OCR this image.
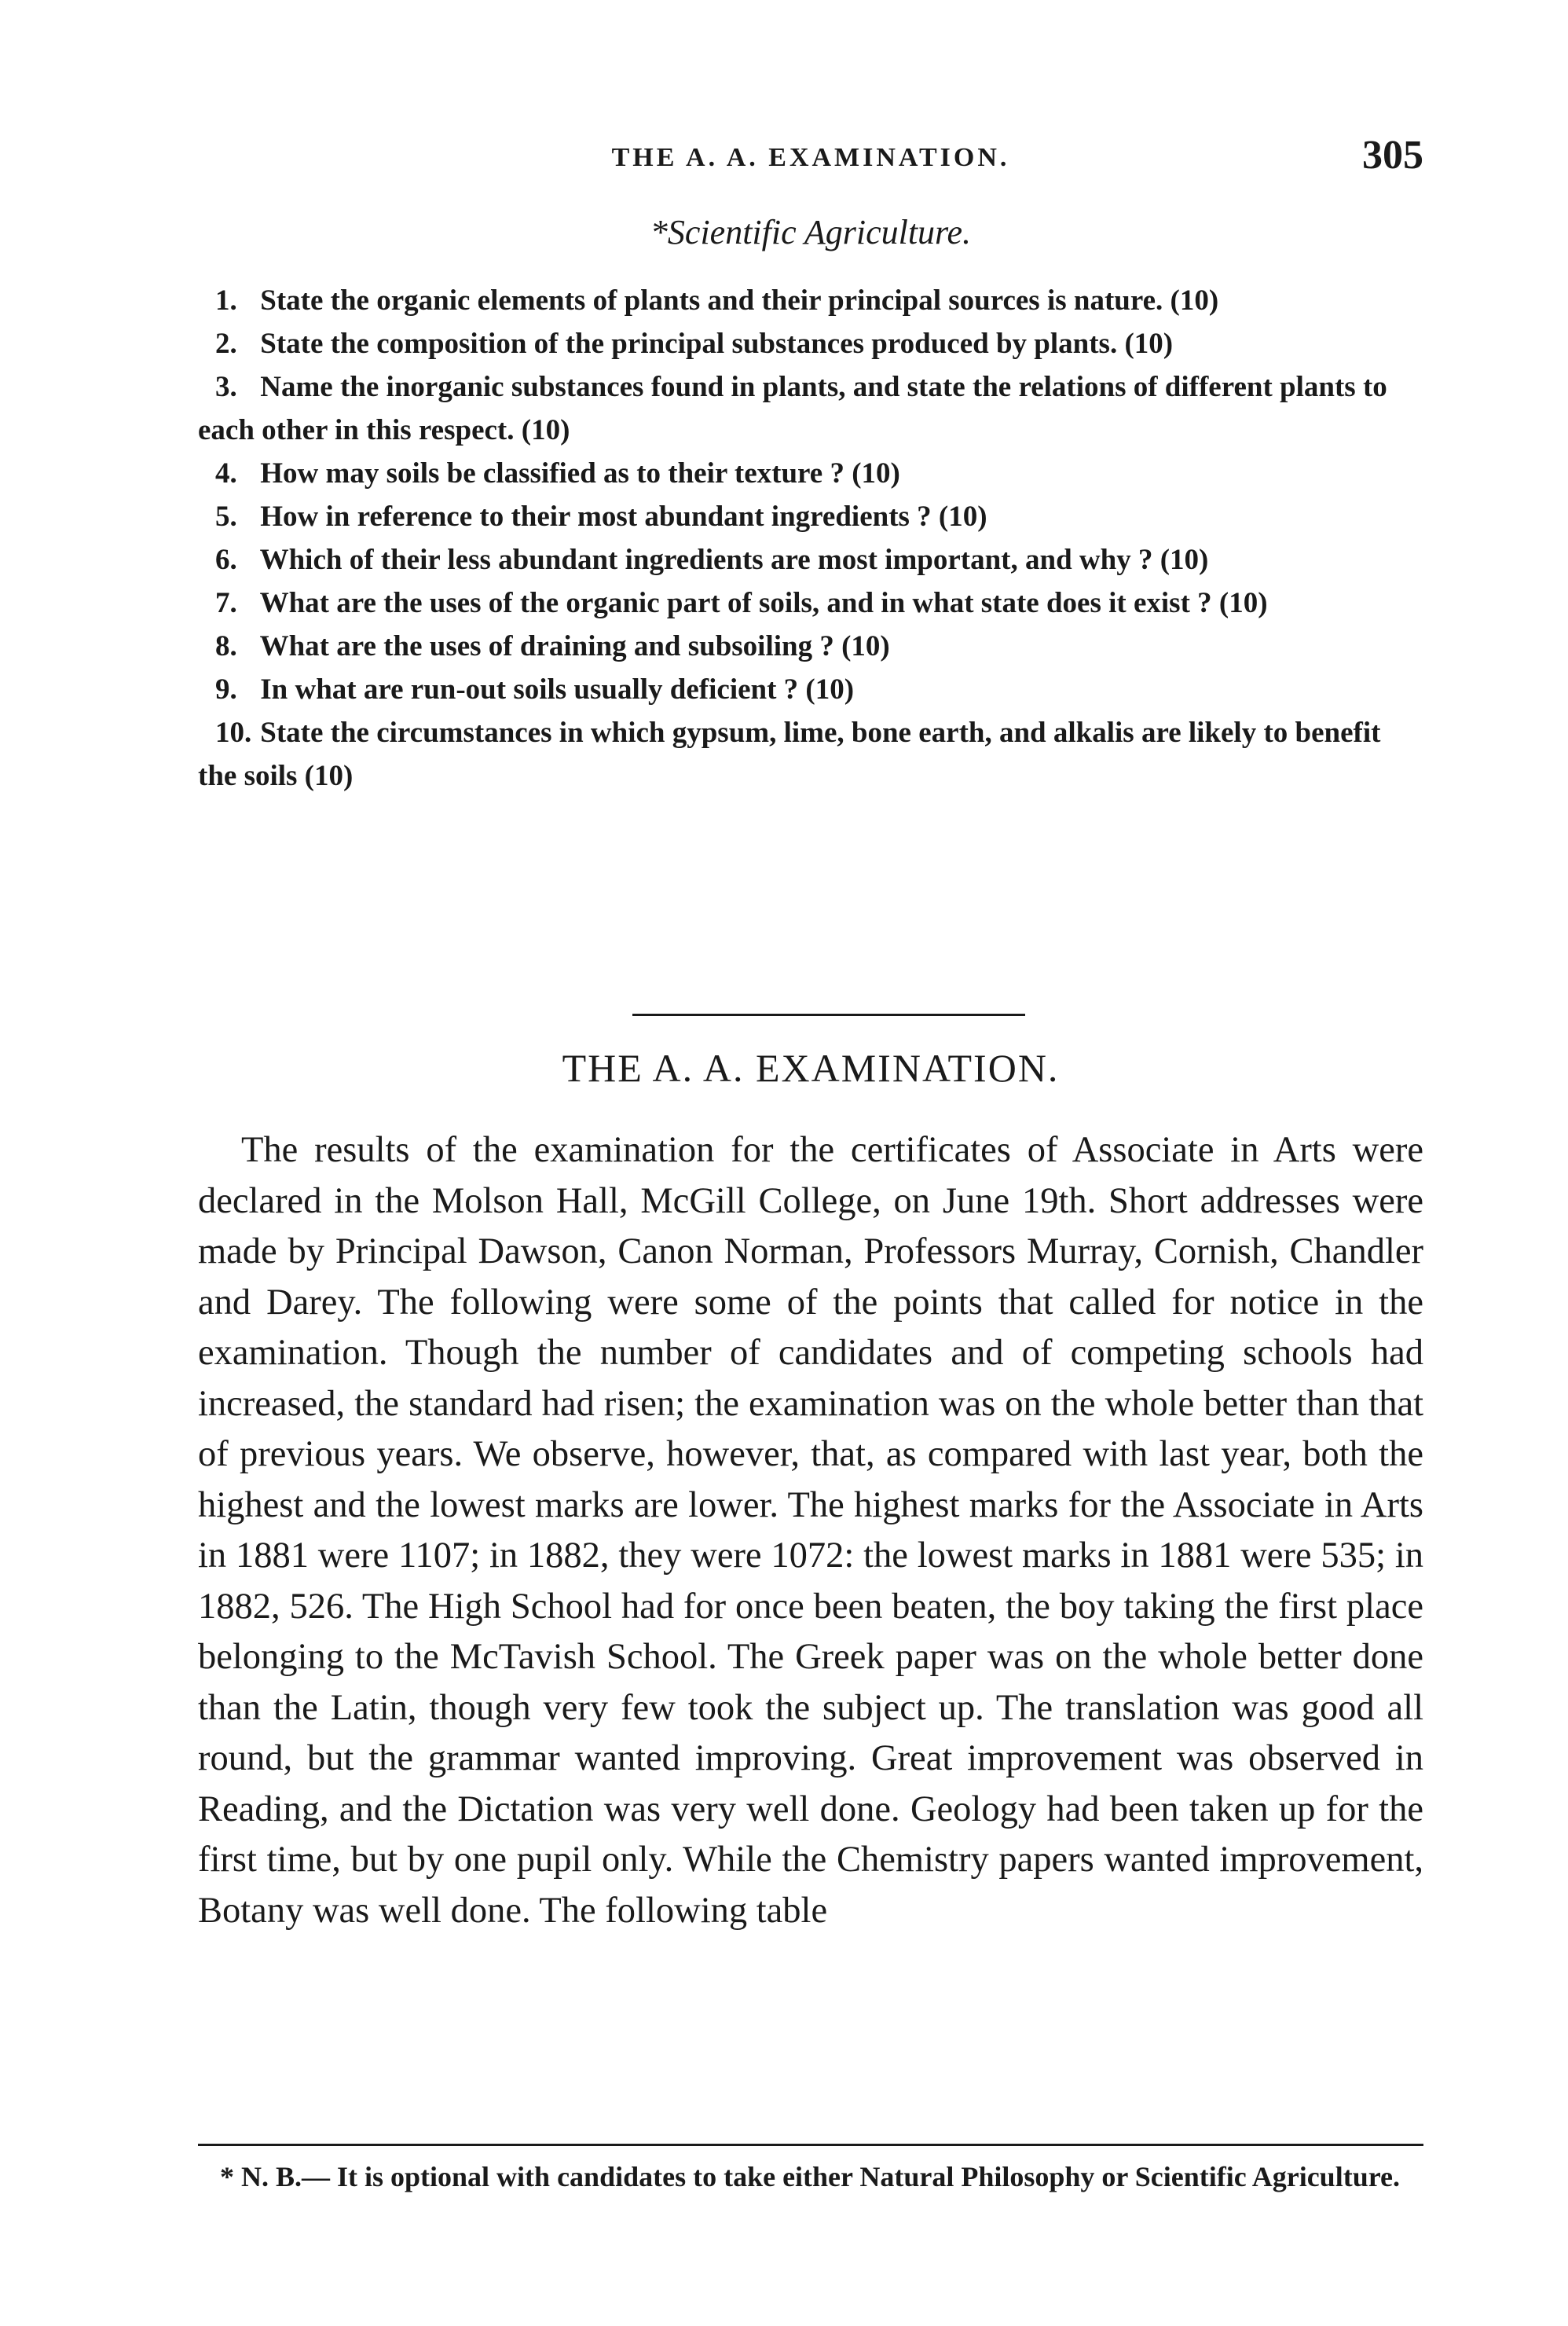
THE A. A. EXAMINATION.	305
*Scientific Agriculture.

1. State the organic elements of plants and their principal sources is nature. (10)

2. State the composition of the principal substances produced by plants. (10)

3. Name the inorganic substances found in plants, and state the relations of different plants to each other in this respect. (10)

4. How may soils be classified as to their texture ? (10)

5. How in reference to their most abundant ingredients ? (10)

6. Which of their less abundant ingredients are most important, and why ? (10)

7. What are the uses of the organic part of soils, and in what state does it exist ? (10)

8. What are the uses of draining and subsoiling ? (10)

9. In what are run-out soils usually deficient ? (10)

10. State the circumstances in which gypsum, lime, bone earth, and alkalis are likely to benefit the soils (10)

THE A. A. EXAMINATION.

The results of the examination for the certificates of Associate in Arts were declared in the Molson Hall, McGill College, on June 19th. Short addresses were made by Principal Dawson, Canon Norman, Professors Murray, Cornish, Chandler and Darey. The following were some of the points that called for notice in the examination. Though the number of candidates and of competing schools had increased, the standard had risen; the examination was on the whole better than that of previous years. We observe, however, that, as compared with last year, both the highest and the lowest marks are lower. The highest marks for the Associate in Arts in 1881 were 1107; in 1882, they were 1072: the lowest marks in 1881 were 535; in 1882, 526. The High School had for once been beaten, the boy taking the first place belonging to the McTavish School. The Greek paper was on the whole better done than the Latin, though very few took the subject up. The translation was good all round, but the grammar wanted improving. Great improvement was observed in Reading, and the Dictation was very well done. Geology had been taken up for the first time, but by one pupil only. While the Chemistry papers wanted improvement, Botany was well done. The following table

* N. B.— It is optional with candidates to take either Natural Philosophy or Scientific Agriculture.
